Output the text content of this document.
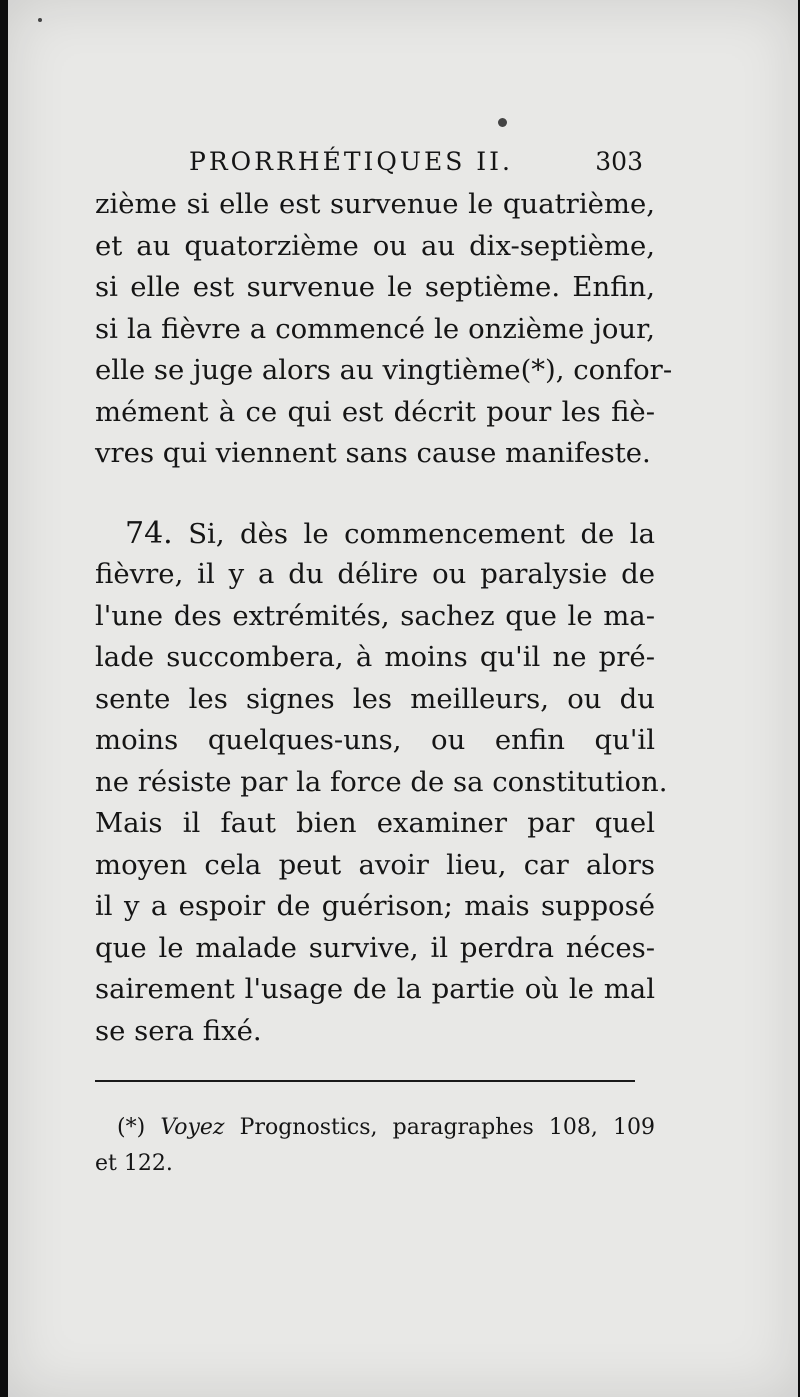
PRORRHÉTIQUES II.	303
zième si elle est survenue le quatrième,
et au quatorzième ou au dix-septième,
si elle est survenue le septième. Enfin,
si la fièvre a commencé le onzième jour,
elle se juge alors au vingtième(*), confor-
mément à ce qui est décrit pour les fiè-
vres qui viennent sans cause manifeste.
74. Si, dès le commencement de la
fièvre, il y a du délire ou paralysie de
l'une des extrémités, sachez que le ma-
lade succombera, à moins qu'il ne pré-
sente les signes les meilleurs, ou du
moins quelques-uns, ou enfin qu'il
ne résiste par la force de sa constitution.
Mais il faut bien examiner par quel
moyen cela peut avoir lieu, car alors
il y a espoir de guérison; mais supposé
que le malade survive, il perdra néces-
sairement l'usage de la partie où le mal
se sera fixé.
(*) Voyez Prognostics, paragraphes 108, 109
et 122.
